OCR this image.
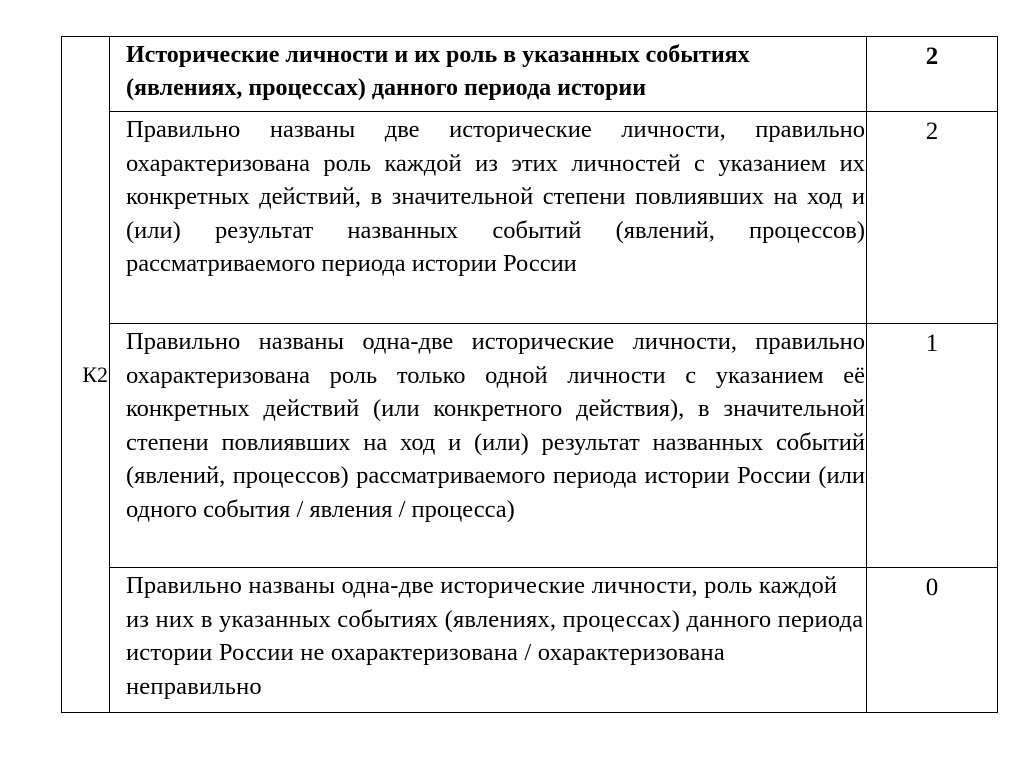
К2	Исторические личности и их роль в указанных событиях (явлениях, процессах) данного периода истории	2
	Правильно названы две исторические личности, правильно охарактеризована роль каждой из этих личностей с указанием их конкретных действий, в значительной степени повлиявших на ход и (или) результат названных событий (явлений, процессов) рассматриваемого периода истории России	2
	Правильно названы одна-две исторические личности, правильно охарактеризована роль только одной личности с указанием её конкретных действий (или конкретного действия), в значительной степени повлиявших на ход и (или) результат названных событий (явлений, процессов) рассматриваемого периода истории России (или одного события / явления / процесса)	1
	Правильно названы одна-две исторические личности, роль каждой из них в указанных событиях (явлениях, процессах) данного периода истории России не охарактеризована / охарактеризована неправильно	0
